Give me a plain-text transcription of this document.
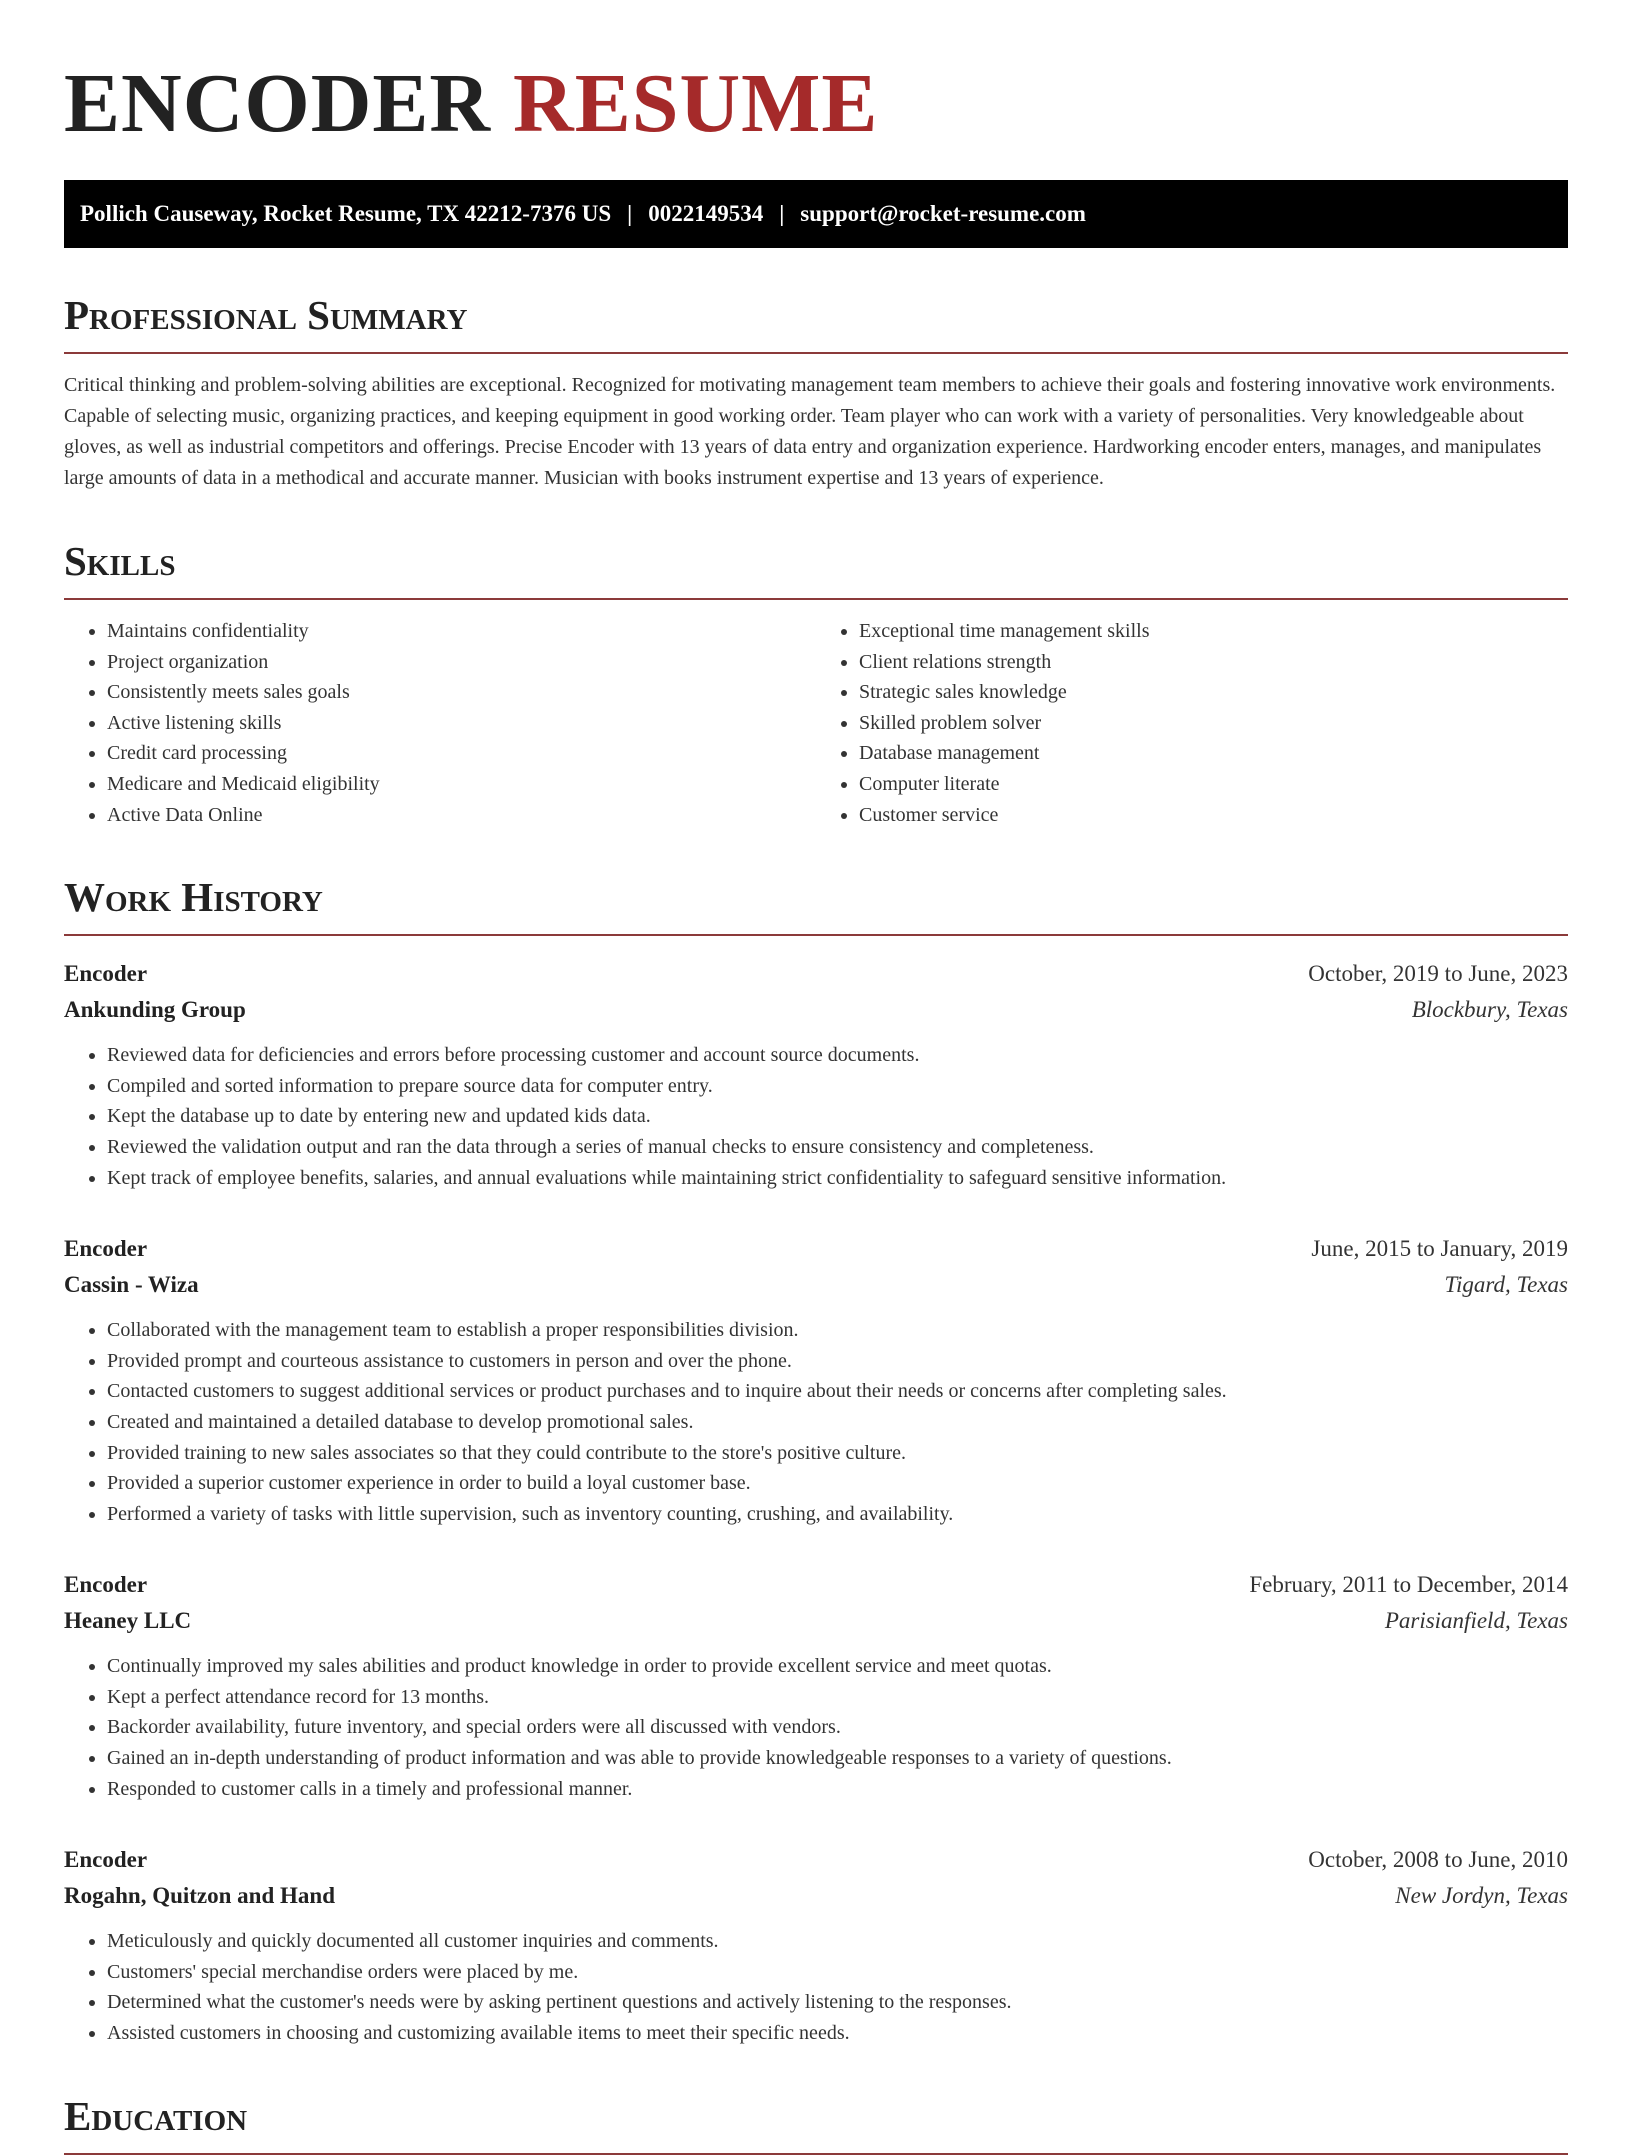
ENCODER RESUME
Pollich Causeway, Rocket Resume, TX 42212-7376 US | 0022149534 | support@rocket-resume.com
Professional Summary

Critical thinking and problem-solving abilities are exceptional. Recognized for motivating management team members to achieve their goals and fostering innovative work environments. Capable of selecting music, organizing practices, and keeping equipment in good working order. Team player who can work with a variety of personalities. Very knowledgeable about gloves, as well as industrial competitors and offerings. Precise Encoder with 13 years of data entry and organization experience. Hardworking encoder enters, manages, and manipulates large amounts of data in a methodical and accurate manner. Musician with books instrument expertise and 13 years of experience.

Skills
• Maintains confidentiality
• Project organization
• Consistently meets sales goals
• Active listening skills
• Credit card processing
• Medicare and Medicaid eligibility
• Active Data Online
• Exceptional time management skills
• Client relations strength
• Strategic sales knowledge
• Skilled problem solver
• Database management
• Computer literate
• Customer service
Work History
Encoder	October, 2019 to June, 2023
Ankunding Group	Blockbury, Texas
• Reviewed data for deficiencies and errors before processing customer and account source documents.
• Compiled and sorted information to prepare source data for computer entry.
• Kept the database up to date by entering new and updated kids data.
• Reviewed the validation output and ran the data through a series of manual checks to ensure consistency and completeness.
• Kept track of employee benefits, salaries, and annual evaluations while maintaining strict confidentiality to safeguard sensitive information.
Encoder	June, 2015 to January, 2019
Cassin - Wiza	Tigard, Texas
• Collaborated with the management team to establish a proper responsibilities division.
• Provided prompt and courteous assistance to customers in person and over the phone.
• Contacted customers to suggest additional services or product purchases and to inquire about their needs or concerns after completing sales.
• Created and maintained a detailed database to develop promotional sales.
• Provided training to new sales associates so that they could contribute to the store's positive culture.
• Provided a superior customer experience in order to build a loyal customer base.
• Performed a variety of tasks with little supervision, such as inventory counting, crushing, and availability.
Encoder	February, 2011 to December, 2014
Heaney LLC	Parisianfield, Texas
• Continually improved my sales abilities and product knowledge in order to provide excellent service and meet quotas.
• Kept a perfect attendance record for 13 months.
• Backorder availability, future inventory, and special orders were all discussed with vendors.
• Gained an in-depth understanding of product information and was able to provide knowledgeable responses to a variety of questions.
• Responded to customer calls in a timely and professional manner.
Encoder	October, 2008 to June, 2010
Rogahn, Quitzon and Hand	New Jordyn, Texas
• Meticulously and quickly documented all customer inquiries and comments.
• Customers' special merchandise orders were placed by me.
• Determined what the customer's needs were by asking pertinent questions and actively listening to the responses.
• Assisted customers in choosing and customizing available items to meet their specific needs.
Education
